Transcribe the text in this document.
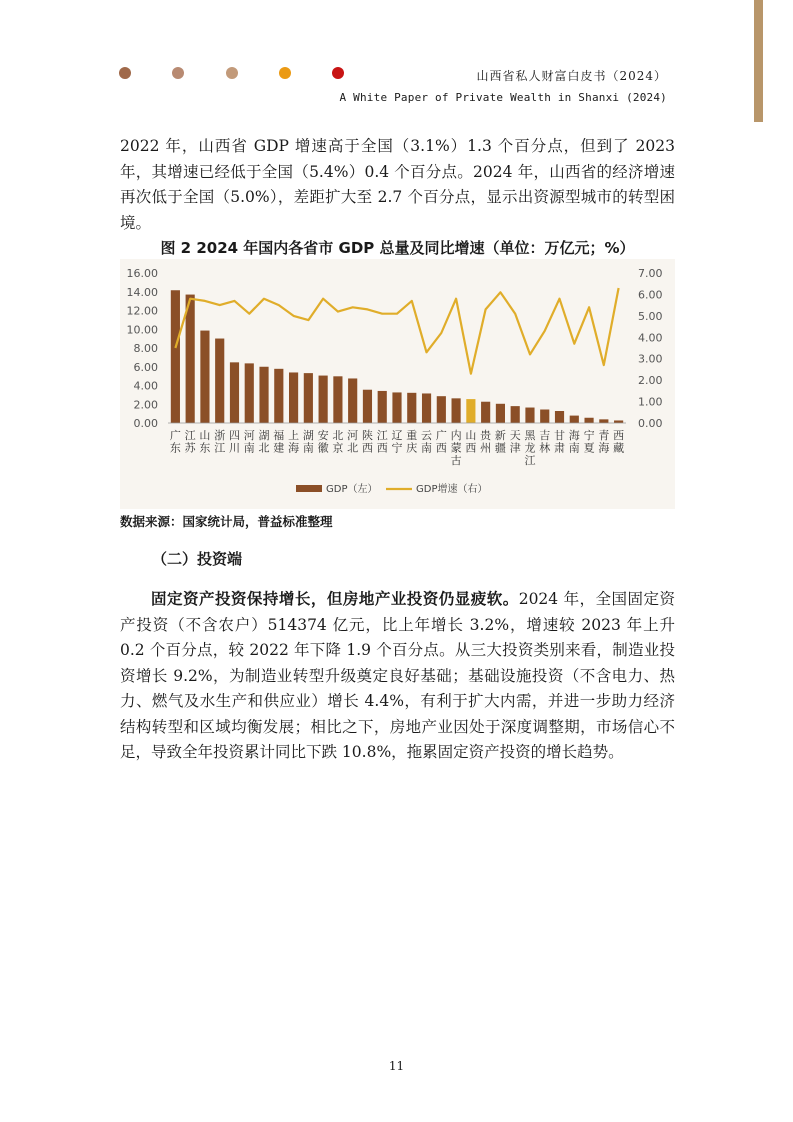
山西省私人财富白皮书（2024）
A White Paper of Private Wealth in Shanxi (2024)

2022 年，山西省 GDP 增速高于全国（3.1%）1.3 个百分点，但到了 2023 年，其增速已经低于全国（5.4%）0.4 个百分点。2024 年，山西省的经济增速再次低于全国（5.0%），差距扩大至 2.7 个百分点，显示出资源型城市的转型困境。

图 2 2024 年国内各省市 GDP 总量及同比增速（单位：万亿元；%）
0.00
2.00
4.00
6.00
8.00
10.00
12.00
14.00
16.00
0.00
1.00
2.00
3.00
4.00
5.00
6.00
7.00
广东
江苏
山东
浙江
四川
河南
湖北
福建
上海
湖南
安徽
北京
河北
陕西
江西
辽宁
重庆
云南
广西
内蒙古
山西
贵州
新疆
天津
黑龙江
吉林
甘肃
海南
宁夏
青海
西藏
GDP（左）	GDP增速（右）
数据来源：国家统计局，普益标准整理
（二）投资端

固定资产投资保持增长，但房地产业投资仍显疲软。2024 年，全国固定资产投资（不含农户）514374 亿元，比上年增长 3.2%，增速较 2023 年上升 0.2 个百分点，较 2022 年下降 1.9 个百分点。从三大投资类别来看，制造业投资增长 9.2%，为制造业转型升级奠定良好基础；基础设施投资（不含电力、热力、燃气及水生产和供应业）增长 4.4%，有利于扩大内需，并进一步助力经济结构转型和区域均衡发展；相比之下，房地产业因处于深度调整期，市场信心不足，导致全年投资累计同比下跌 10.8%，拖累固定资产投资的增长趋势。

11
